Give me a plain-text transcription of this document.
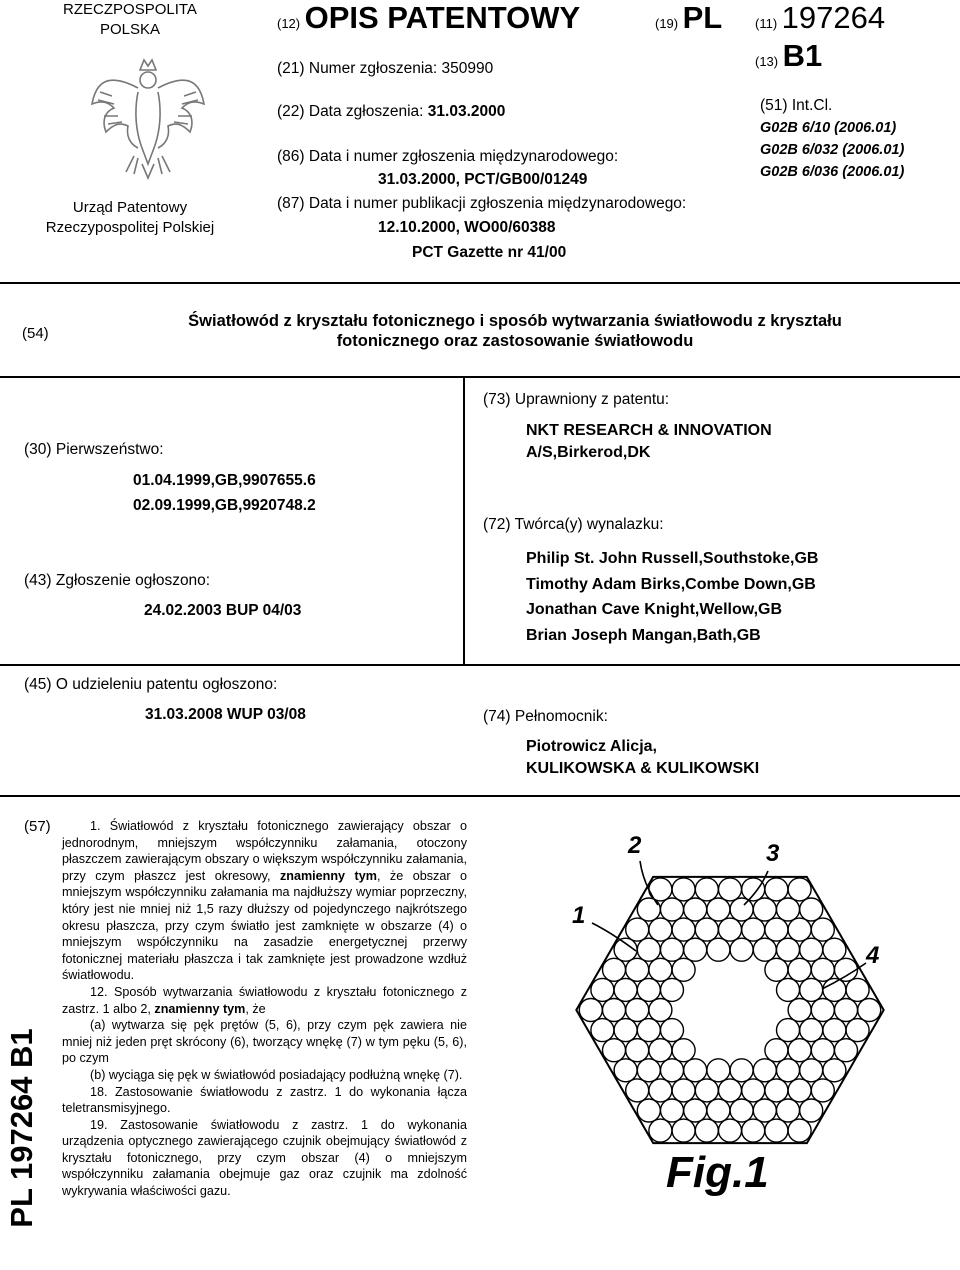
RZECZPOSPOLITA
POLSKA
Urząd Patentowy
Rzeczypospolitej Polskiej
(12) OPIS PATENTOWY	(19) PL	(11) 197264
(13) B1
(21) Numer zgłoszenia: 350990
(22) Data zgłoszenia: 31.03.2000
(86) Data i numer zgłoszenia międzynarodowego:
31.03.2000, PCT/GB00/01249
(87) Data i numer publikacji zgłoszenia międzynarodowego:
12.10.2000, WO00/60388
PCT Gazette nr 41/00
(51) Int.Cl.
G02B 6/10 (2006.01)
G02B 6/032 (2006.01)
G02B 6/036 (2006.01)
(54)
Światłowód z kryształu fotonicznego i sposób wytwarzania światłowodu z kryształu
fotonicznego oraz zastosowanie światłowodu
(30) Pierwszeństwo:
01.04.1999,GB,9907655.6
02.09.1999,GB,9920748.2
(43) Zgłoszenie ogłoszono:
24.02.2003 BUP 04/03
(73) Uprawniony z patentu:
NKT RESEARCH & INNOVATION
A/S,Birkerod,DK
(72) Twórca(y) wynalazku:
Philip St. John Russell,Southstoke,GB
Timothy Adam Birks,Combe Down,GB
Jonathan Cave Knight,Wellow,GB
Brian Joseph Mangan,Bath,GB
(45) O udzieleniu patentu ogłoszono:
31.03.2008 WUP 03/08	(74) Pełnomocnik:
Piotrowicz Alicja,
KULIKOWSKA & KULIKOWSKI
(57)	1. Światłowód z kryształu fotonicznego zawierający obszar o jednorodnym, mniejszym współczynniku załamania, otoczony płaszczem zawierającym obszary o większym współczynniku załamania, przy czym płaszcz jest okresowy, znamienny tym, że obszar o mniejszym współczynniku załamania ma najdłuższy wymiar poprzeczny, który jest nie mniej niż 1,5 razy dłuższy od pojedynczego najkrótszego okresu płaszcza, przy czym światło jest zamknięte w obszarze (4) o mniejszym współczynniku na zasadzie energetycznej przerwy fotonicznej materiału płaszcza i tak zamknięte jest prowadzone wzdłuż światłowodu.

12. Sposób wytwarzania światłowodu z kryształu fotonicznego z zastrz. 1 albo 2, znamienny tym, że

(a) wytwarza się pęk prętów (5, 6), przy czym pęk zawiera nie mniej niż jeden pręt skrócony (6), tworzący wnękę (7) w tym pęku (5, 6), po czym

(b) wyciąga się pęk w światłowód posiadający podłużną wnękę (7).

18. Zastosowanie światłowodu z zastrz. 1 do wykonania łącza teletransmisyjnego.

19. Zastosowanie światłowodu z zastrz. 1 do wykonania urządzenia optycznego zawierającego czujnik obejmujący światłowód z kryształu fotonicznego, przy czym obszar (4) o mniejszym współczynniku załamania obejmuje gaz oraz czujnik ma zdolność wykrywania właściwości gazu.

1
2	3
4
Fig.1
PL 197264 B1
